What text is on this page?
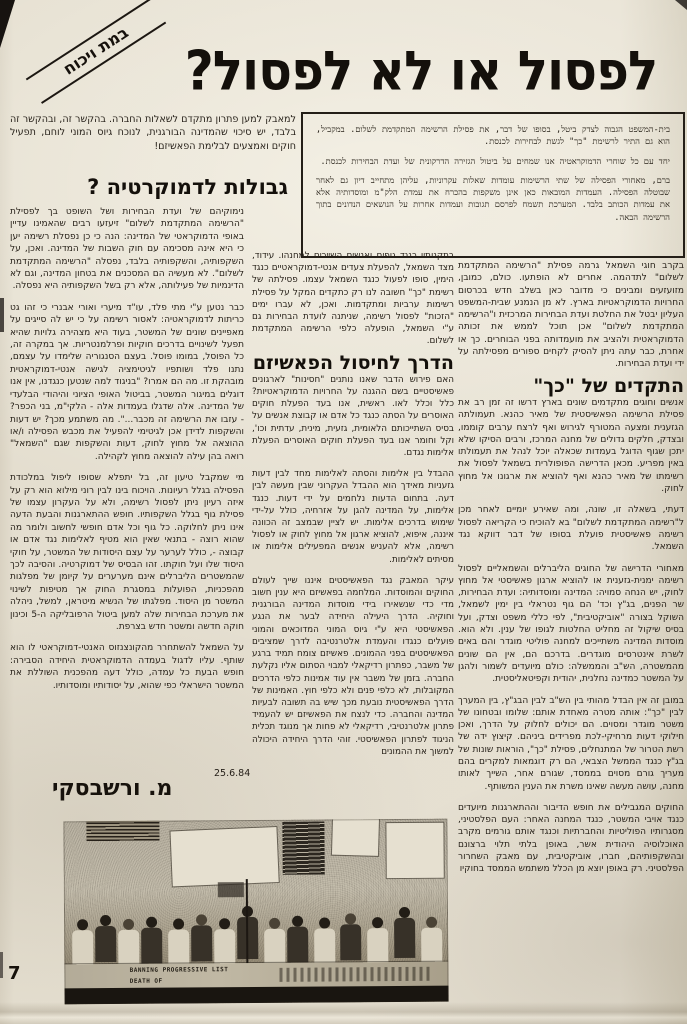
במת ויכוח	לפסול או לא לפסול?
בית-המשפט הגבוה לצדק ביטל, בסופו של דבר, את פסילת הרשימה המתקדמת לשלום. במקביל, הוא גם התיר לרשימת "כך" לגשת לבחירות לכנסת.
יחד עם כל שוחרי הדמוקראטיה אנו שמחים על ביטול הגזירה הדרקונית של ועדת הבחירות לכנסת.
ברם, מאחורי הפסילה של שתי הרשימות עומדות שאלות עקרוניות, עליהן מתחייב דיון גם לאחר שבוטלה הפסילה. העמדות המובאות כאן אינן משקפות בהכרח את עמדת הלק"מ ומוסדותיה אלא את עמדות הכותב בלבד. המערכת תשמח לפרסם תגובות ועמדות אחרות על הנושאים הנדונים בתוך הרשימה הבאה.

למאבק למען פתרון מתקדם לשאלות החברה. בהקשר זה, ובהקשר זה בלבד, יש סיכוי שהמדינה הבורגנית, לנוכח גיוס המוני לוחם, תפעיל חוקים ואמצעים לבלימת הפאשיזם!

גבולות לדמוקרטיה ?
נימוקיהם של ועדת הבחירות ושל השופט בך לפסילת "הרשימה המתקדמת לשלום" זיעזעו רבים שהאמינו עדיין באופי הדמוקראטי של המדינה: הנה כי כן נפסלת רשימה יען כי היא אינה מסכימה עם חוק השבות של המדינה. ואכן, על השקפותיה, והשקפותיה בלבד, נפסלה "הרשימה המתקדמת לשלום". לא מעשיה הם המסכנים את בטחון המדינה, וגם לא הדינמיות של פעילותה, אלא רק בשל השקפותיה היא נפסלה.
כבר נטען ע"י מתי פלד, עו"ד מיערי ואורי אבנרי כי זהו גט כריתות לדמוקראטיה: לאסור רשימה על כי יש לה סייגים על מאפיינים שונים של המשטר, בעוד היא מצהירה גלויות שהיא תפעל לשינויים בדרכים חוקיות ופרלמנטריות. אך במקרה זה, כל הפוסל, במומו פוסל. בעצם הסנגוריה שלימדו על עצמם, נתנו פלד ושותפיו לגיטימציה לגישה אנטי-דמוקראטית מובהקת זו. מה הם אמרו? "בניגוד למה שנטען כנגדנו, אין אנו דוגלים במיגור המשטר, בביטול האופי הציוני והיהודי הבלעדי של המדינה. אלה שדגלו בעמדות אלה - הלקי"מ, בני הכפר? - עזבו את הרשימה זה מכבר...". מה משתמע מכך? יש דעות והשקפות לדידן אכן לגיטימי להפעיל את מכבש הפסילה ו/או ההוצאה אל מחוץ לחוק, דעות והשקפות שגם "השמאל" רואה בהן עילה להוצאה מחוץ לקהילה.
מי שמקבל טיעון זה, בל יתפלא שסופו ליפול במלכודת הפסילה בגלל רעיונות. הויכוח בינו לבין רוני מילוא הוא רק על איזה רעיון ניתן לפסול רשימה, ולא על העקרון עצמו של פסילת גוף בגלל השקפותיו. חופש ההתארגנות והבעת הדעה אינו ניתן לחלוקה. כל גוף וכל אדם חופשי לחשוב ולומר מה שהוא רוצה - בתנאי שאין הוא מטיף לאלימות נגד אדם או קבוצה -, כולל לערער על עצם היסודות של המשטר, על חוקי היסוד שלו ועל חוקתו. זהו הבסיס של דמוקרטיה. והסיבה לכך שהמשטרים הליברלים אינם מערערים על קיומן של מפלגות מהפכניות, הפועלות במסגרת החוק אך מטיפות לשינוי המשטר מן היסוד. מפלגתו של הנשיא מיטראן, למשל, ניהלה את מערכת הבחירות שלה למען ביטול הרפובליקה ה-5 וכינון חוקה חדשה ומשטר חדש בצרפת.
על השמאל להשתחרר מהקונצנזוס האנטי-דמוקראטי לו הוא שותף. עליו לדגול בעמדה הדמוקראטית היחידה הסבירה: חופש הבעת כל עמדה, כולל דעה מהפכנית השוללת את המשטר הישראלי כפי שהוא, על יסודותיו ומוסדותיו.
בתקנותיו כנגד גופים ואנשים השייכים למחנהו. עידוד, מצד השמאל, להפעלת צעדים אנטי-דמוקראטיים כנגד הימין, סופו לפעול כנגד השמאל עצמו. פסילתה של רשימת "כך" חשובה לנו רק כתקדים המקל על פסילת רשימות ערביות ומתקדמות. ואכן, לא עברו ימים "הזכות" לפסול רשימה, שניתנה לועדת הבחירות גם ע"י השמאל, הופעלה כלפי הרשימה המתקדמת לשלום.
הדרך לחיסול הפאשיזם
האם פירוש הדבר שאנו נותנים "חסינות" לארגונים פאשיסטיים בשם ההגנה על החרויות הדמוקראטיות? כלל וכלל לאו. ראשית, אנו בעד הפעלת חוקים האוסרים על הסתה כנגד כל אדם או קבוצת אנשים על בסיס השתייכותם הלאומית, גזעית, מינית, עדתית וכו', וקל וחומר אנו בעד הפעלת חוקים האוסרים הפעלת אלימות נגדם.
ההבדל בין אלימות והסתה לאלימות מחד לבין דעות גזעניות מאידך הוא ההבדל העקרוני שבין מעשה לבין דעה. בתחום הדעות נלחמים על ידי דעות. כנגד אלימות, על המדינה להגן על אזרחיה, כולל על-ידי שימוש בדרכים אלימות. יש לציין שבמצב זה הכוונה איננה, איפוא, להוציא ארגון אל מחוץ לחוק או לפסול רשימה, אלא להעניש אנשים המפעילים אלימות או מסיתים לאלימות.
עיקר המאבק נגד הפאשיסטים איננו שייך לעולם החוקים והמוסדות. המלחמה בפאשיזם היא ענין חשוב מדי כדי שנשאירו בידי מוסדות המדינה הבורגנית וחוקיה. הדרך היעילה היחידה לבער את הנגע הפאשיסטי היא ע"י גיוס המוני המדוכאים והמוני פועלים כנגדו והעמדת אלטרנטיבה לדרך שמציבים הפאשיסטים בפני ההמונים. פאשיזם צומח תמיד ברגע של משבר, כפתרון רדיקאלי למבוי הסתום אליו נקלעת החברה. בזמן של משבר אין עוד אמינות כלפי הדרכים המקובלות, לא כלפי פנים ולא כלפי חוץ. האמינות של הדרך הפאשיסטית נובעת מכך שיש בה תשובה לבעיות המדינה והחברה. כדי לנצח את הפאשיזם יש להעמיד פתרון אלטרנטיבי, רדיקאלי לא פחות אך מנוגד תכלית הניגוד לפתרון הפאשיסטי. זוהי הדרך היחידה היכולה למשוך את ההמונים
בקרב חוגי השמאל גרמה פסילת "הרשימה המתקדמת לשלום" לתדהמה. אחרים לא הופתעו. כולם, כמובן, מזועזעים ומבינים כי מדובר כאן בשלב חדש בכרסום החרויות הדמוקראטיות בארץ. לא מן הנמנע שבית-המשפט העליון יבטל את החלטת ועדת הבחירות המרכזית ו"הרשימה המתקדמת לשלום" אכן תוכל לממש את זכותה הדמוקראטית ולהציב את מועמדותה בפני הבוחרים. כך או אחרת, כבר עתה ניתן להסיק לקחים ספורים מפסילתה על ידי ועדת הבחירות.
התקדים של "כך"
אנשים וחוגים מתקדמים שונים בארץ דרשו זה זמן רב את פסילת הרשימה הפאשיסטית של מאיר כהנא. תעמולתה הגזענית ומצעה המטורף לגירוש ואף לרצח ערבים קוממו, ובצדק, חלקים גדולים של מחנה המרכז, ורבים הסיקו שלא יתכן שגוף הדוגל בעמדות שכאלה יוכל לנהל את תעמולתו באין מפריע. מכאן הדרישה הפופולרית בשמאל לפסול את רשימתו של מאיר כהנא ואף להוציא את ארגונו אל מחוץ לחוק.
דעתי, בשאלה זו, שונה, ומה שאירע יומיים לאחר מכן ל"רשימה המתקדמת לשלום" בא להוכיח כי הקריאה לפסול רשימה פאשיסטית פועלת בסופו של דבר דווקא נגד השמאל.
מאחורי הדרישה של החוגים הליברלים והשמאליים לפסול רשימה ימנית-גזענית או להוציא ארגון פאשיסטי אל מחוץ לחוק, יש הנחה סמויה: המדינה ומוסדותיה: ועדת הבחירות, שר הפנים, בג"ץ וכד' הם גוף נטראלי בין ימין לשמאל, השוקל בצורה "אוביקטיבית", לפי כללי משפט וצדק, ועל בסיס שיקול זה מחליט החלטות לגופו של ענין. ולא הוא. מוסדות המדינה משתייכים למחנה פוליטי מוגדר והם באים לשרת אינטרסים מוגדרים. בדרכם הם, אין הם שונים מהמשטרה, הש"ב והממשלה: כולם מיועדים לשמור ולהגן על המשטר כמדינה נחלנית, יהודית וקפיטאליסטית.
במובן זה אין הבדל מהותי בין הש"ב לבין הבג"ץ, בין המערך לבין "כך": אותה מטרה מאחדת אותם: שלומו ובטחונו של משטר מוגדר ומסוים. הם יכולים לחלוק על הדרך, ואכן חילוקי דעות מרחיקי-לכת מפרידים ביניהם. קיצוץ ידה של רשת הטרור של המתנחלים, פסילת "כך", הוראות שונות של בג"ץ כנגד הממשל הצבאי, הם רק דוגמאות למקרים בהם מעריך גורם מסוים בממסד, שגורם אחר, השייך לאותו מחנה, עושה מעשה שאינו משרת את הענין המשותף.
החוקים המגבילים את חופש הדיבור וההתארגנות מיועדים כנגד אויבי המשטר, כנגד המחנה האחר: העם הפלסטיני, מסגרותיו הפוליטיות והחברתיות וכנגד אותם גורמים מקרב האוכלוסיה היהודית אשר, באופן בלתי תלוי ברצונם ובהשקפותיהם, חברו, אוביקטיבית, עם מאבק השחרור הפלסטיני. רק באופן יוצא מן הכלל משתמש הממסד בחוקיו
25.6.84
מ. ורשבסקי
BANNING PROGRESSIVE LIST
DEATH OF
7
